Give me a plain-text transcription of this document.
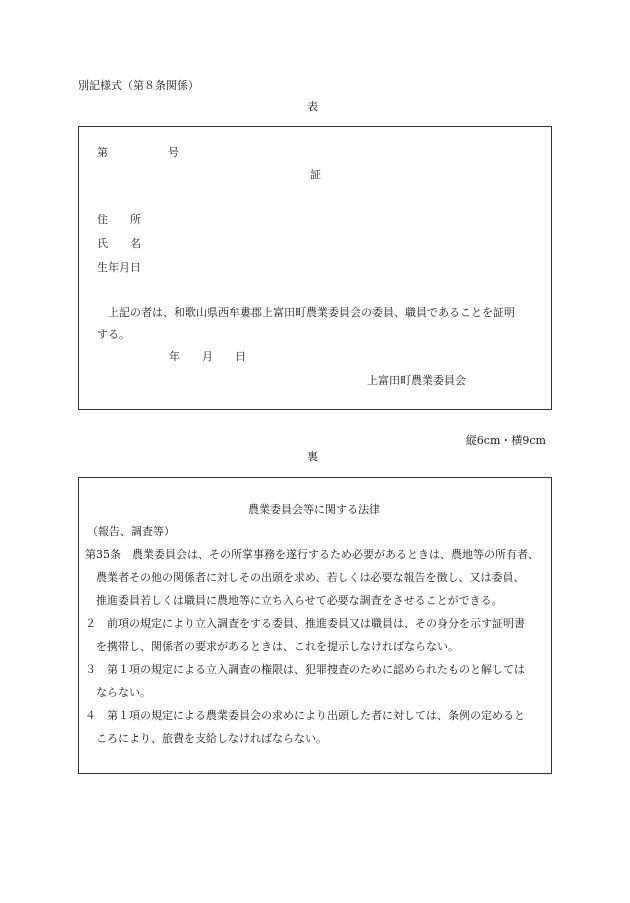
別記様式（第８条関係）
表
第	号
証
住　　所
氏　　名
生年月日
上記の者は、和歌山県西牟婁郡上富田町農業委員会の委員、職員であることを証明
する。
年　　月　　日
上富田町農業委員会
縦6cm・横9cm
裏
農業委員会等に関する法律
（報告、調査等）
第35条　農業委員会は、その所掌事務を遂行するため必要があるときは、農地等の所有者、
農業者その他の関係者に対しその出頭を求め、若しくは必要な報告を徴し、又は委員、
推進委員若しくは職員に農地等に立ち入らせて必要な調査をさせることができる。
２　前項の規定により立入調査をする委員、推進委員又は職員は、その身分を示す証明書
を携帯し、関係者の要求があるときは、これを提示しなければならない。
３　第１項の規定による立入調査の権限は、犯罪捜査のために認められたものと解しては
ならない。
４　第１項の規定による農業委員会の求めにより出頭した者に対しては、条例の定めると
ころにより、旅費を支給しなければならない。
